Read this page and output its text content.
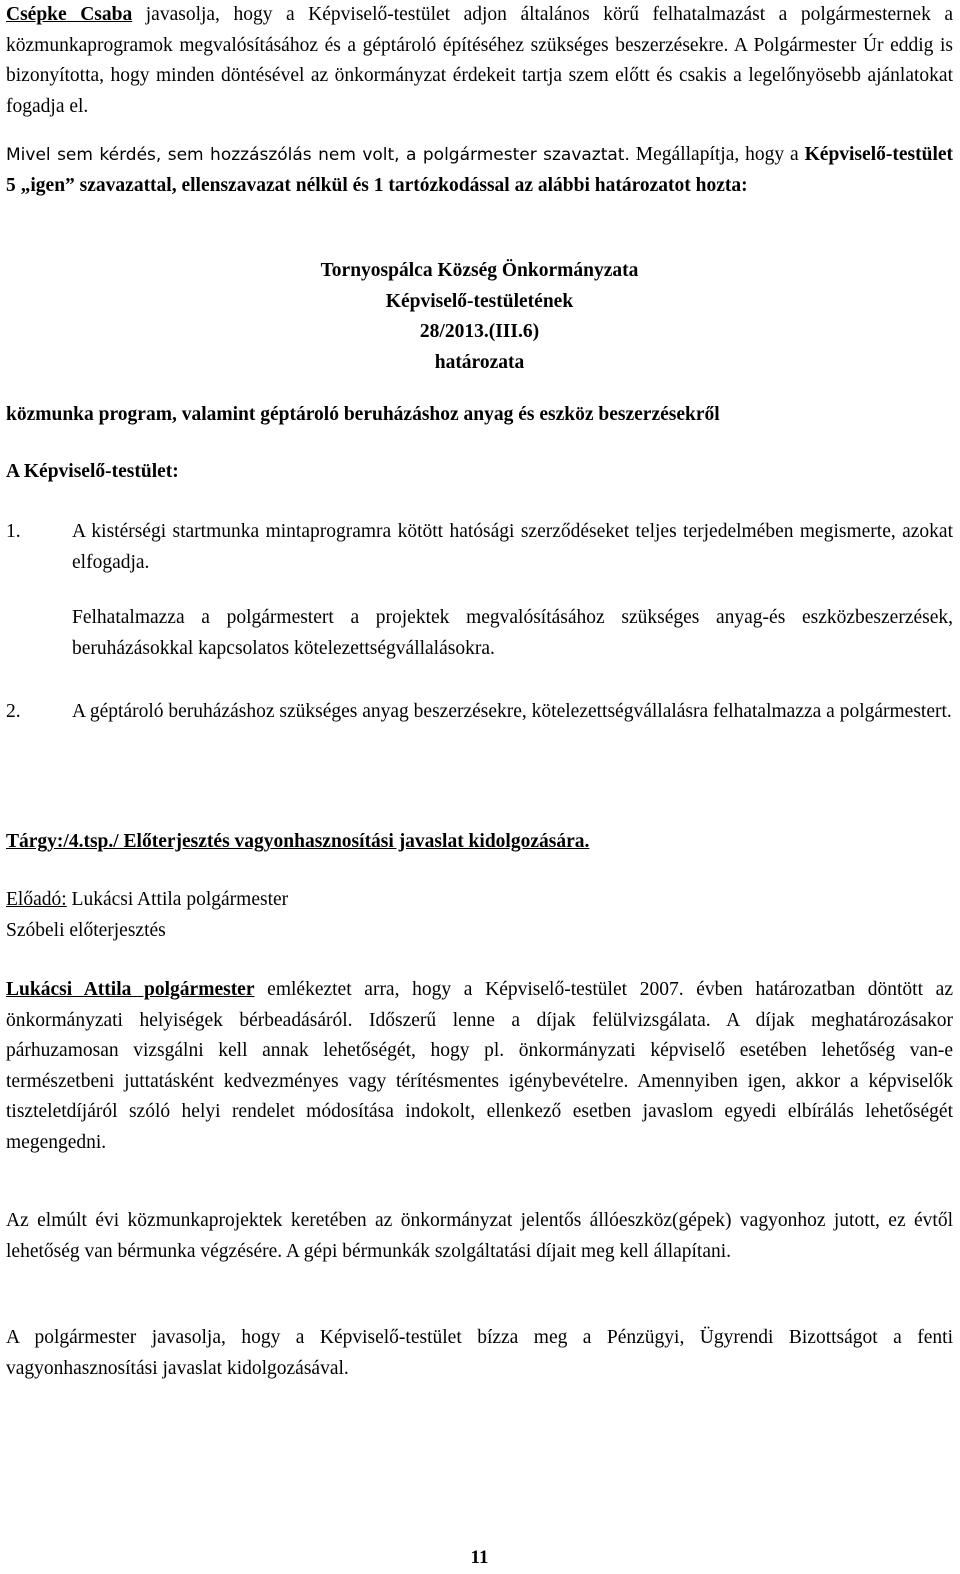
Csépke Csaba javasolja, hogy a Képviselő-testület adjon általános körű felhatalmazást a polgármesternek a közmunkaprogramok megvalósításához és a géptároló építéséhez szükséges beszerzésekre. A Polgármester Úr eddig is bizonyította, hogy minden döntésével az önkormányzat érdekeit tartja szem előtt és csakis a legelőnyösebb ajánlatokat fogadja el.
Mivel sem kérdés, sem hozzászólás nem volt, a polgármester szavaztat. Megállapítja, hogy a Képviselő-testület 5 „igen” szavazattal, ellenszavazat nélkül és 1 tartózkodással az alábbi határozatot hozta:
Tornyospálca Község Önkormányzata
Képviselő-testületének
28/2013.(III.6)
határozata
közmunka program, valamint géptároló beruházáshoz anyag és eszköz beszerzésekről
A Képviselő-testület:
1.	A kistérségi startmunka mintaprogramra kötött hatósági szerződéseket teljes terjedelmében megismerte, azokat elfogadja.
Felhatalmazza a polgármestert a projektek megvalósításához szükséges anyag-és eszközbeszerzések, beruházásokkal kapcsolatos kötelezettségvállalásokra.
2.	A géptároló beruházáshoz szükséges anyag beszerzésekre, kötelezettségvállalásra felhatalmazza a polgármestert.
Tárgy:/4.tsp./ Előterjesztés vagyonhasznosítási javaslat kidolgozására.
Előadó: Lukácsi Attila polgármester
Szóbeli előterjesztés
Lukácsi Attila polgármester emlékeztet arra, hogy a Képviselő-testület 2007. évben határozatban döntött az önkormányzati helyiségek bérbeadásáról. Időszerű lenne a díjak felülvizsgálata. A díjak meghatározásakor párhuzamosan vizsgálni kell annak lehetőségét, hogy pl. önkormányzati képviselő esetében lehetőség van-e természetbeni juttatásként kedvezményes vagy térítésmentes igénybevételre. Amennyiben igen, akkor a képviselők tiszteletdíjáról szóló helyi rendelet módosítása indokolt, ellenkező esetben javaslom egyedi elbírálás lehetőségét megengedni.
Az elmúlt évi közmunkaprojektek keretében az önkormányzat jelentős állóeszköz(gépek) vagyonhoz jutott, ez évtől lehetőség van bérmunka végzésére. A gépi bérmunkák szolgáltatási díjait meg kell állapítani.
A polgármester javasolja, hogy a Képviselő-testület bízza meg a Pénzügyi, Ügyrendi Bizottságot a fenti vagyonhasznosítási javaslat kidolgozásával.
11
